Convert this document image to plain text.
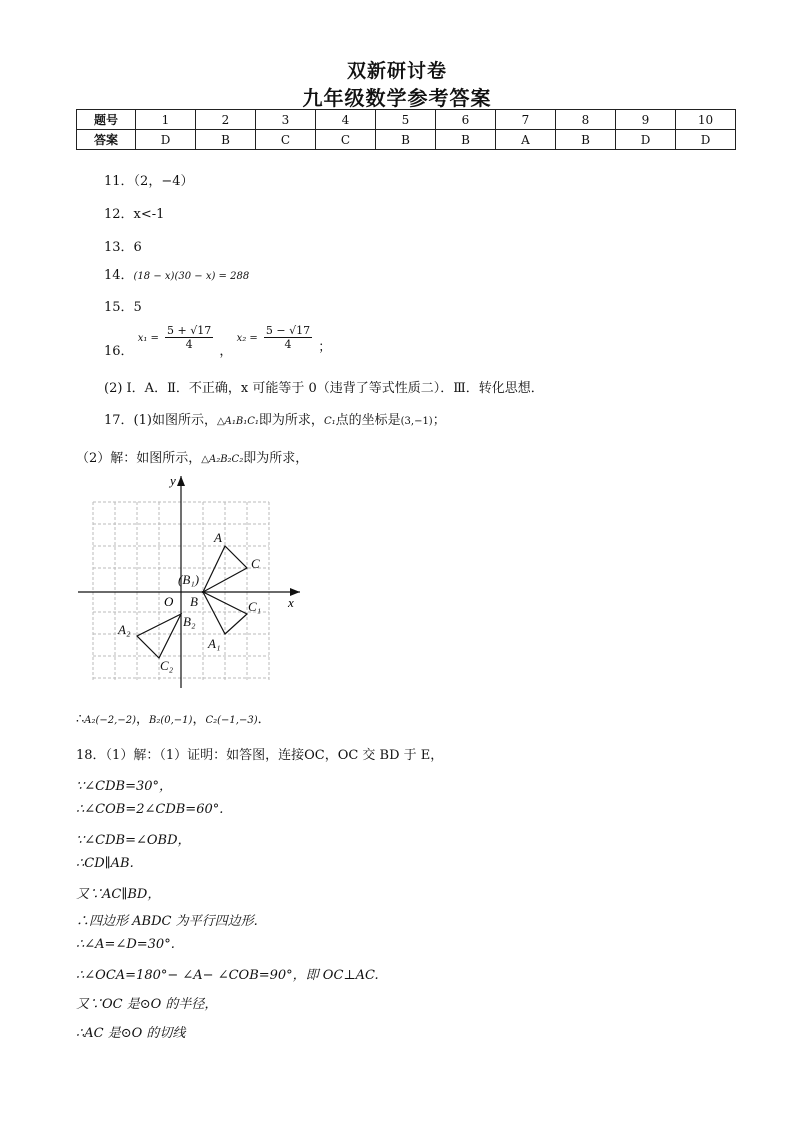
双新研讨卷
九年级数学参考答案
题号	1	2	3	4	5	6	7	8	9	10
答案	D	B	C	C	B	B	A	B	D	D
11．（2，−4）
12．x<-1
13．6
14．(18 − x)(30 − x) = 288
15．5
16． $x_1 = \frac{5 + √17}{4}$
， $x_2 = \frac{5 - √17}{4}$ ；
(2) Ⅰ．A．Ⅱ．不正确，x 可能等于 0（违背了等式性质二）．Ⅲ．转化思想．
17．(1)如图所示，△A₁B₁C₁即为所求，C₁点的坐标是(3,−1)；
（2）解：如图所示，△A₂B₂C₂即为所求，
x
y
O
A
C
(B₁)
B	C₁
A₁
A₂
B₂
C₂
∴A₂(−2,−2)，B₂(0,−1)，C₂(−1,−3)．
18．（1）解：（1）证明：如答图，连接OC，OC 交 BD 于 E，
∵∠CDB=30°，
∴∠COB=2∠CDB=60°.
∵∠CDB=∠OBD，
∴CD∥AB.
又∵AC∥BD，
∴四边形 ABDC 为平行四边形.
∴∠A=∠D=30°.
∴∠OCA=180°− ∠A− ∠COB=90°，即 OC⊥AC.
又∵OC 是⊙O 的半径，
∴AC 是⊙O 的切线
